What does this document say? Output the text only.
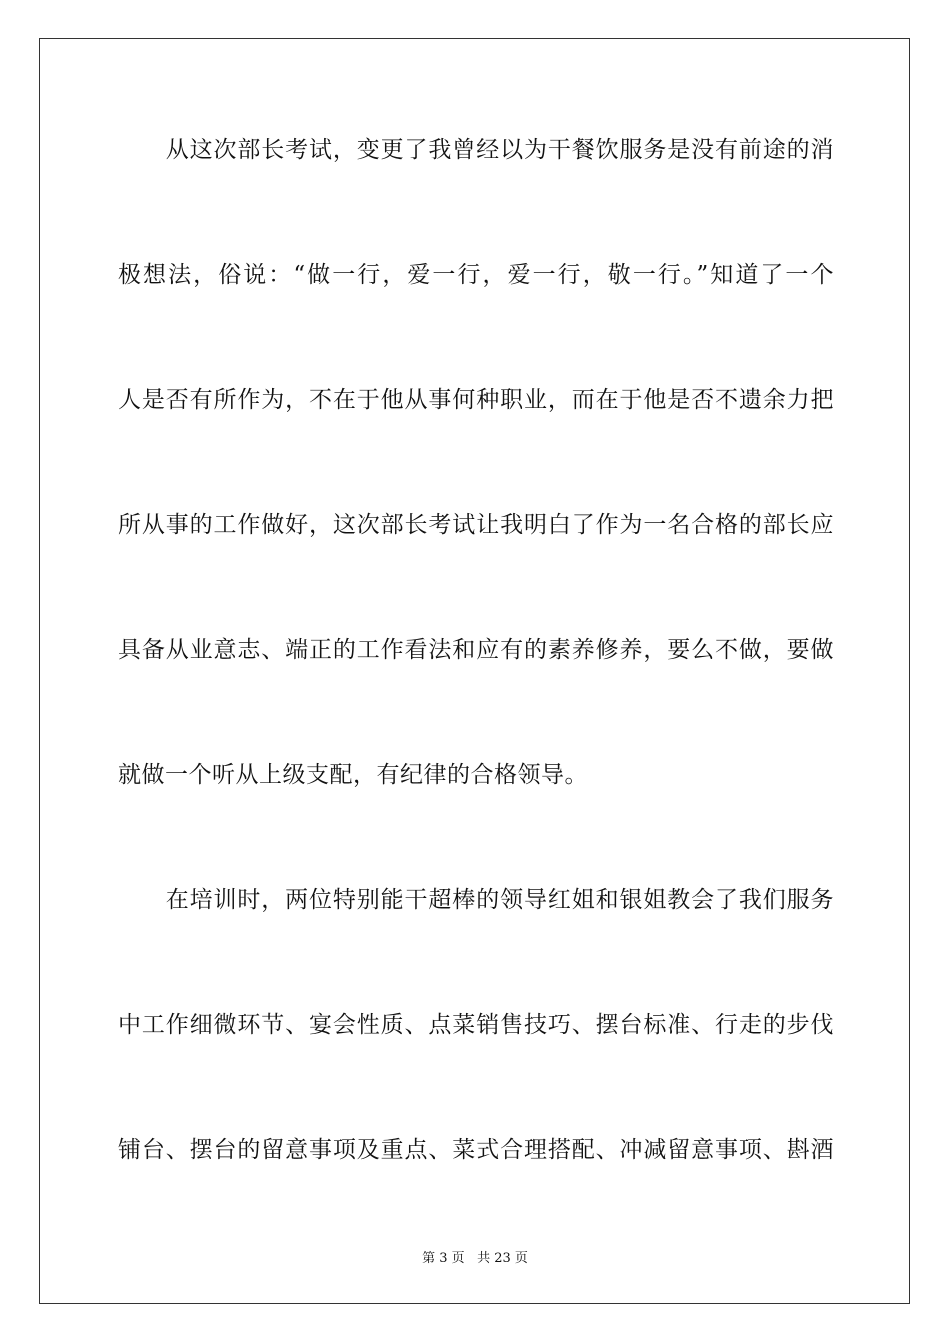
　　从这次部长考试，变更了我曾经以为干餐饮服务是没有前途的消
极想法，俗说：“做一行，爱一行，爱一行，敬一行。”知道了一个
人是否有所作为，不在于他从事何种职业，而在于他是否不遗余力把
所从事的工作做好，这次部长考试让我明白了作为一名合格的部长应
具备从业意志、端正的工作看法和应有的素养修养，要么不做，要做
就做一个听从上级支配，有纪律的合格领导。
　　在培训时，两位特别能干超棒的领导红姐和银姐教会了我们服务
中工作细微环节、宴会性质、点菜销售技巧、摆台标准、行走的步伐
铺台、摆台的留意事项及重点、菜式合理搭配、冲减留意事项、斟酒
第 3 页 共 23 页
